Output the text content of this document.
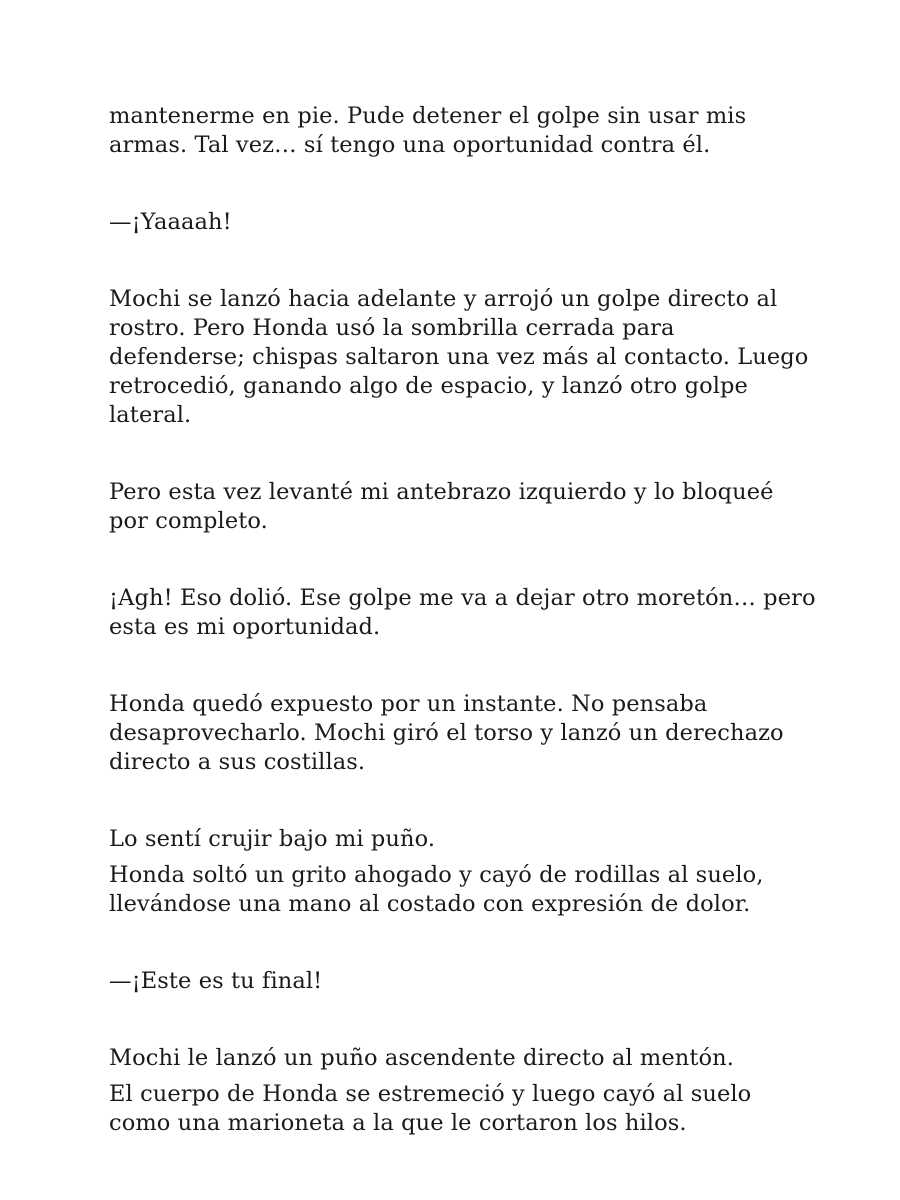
mantenerme en pie. Pude detener el golpe sin usar mis
armas. Tal vez… sí tengo una oportunidad contra él.

—¡Yaaaah!

Mochi se lanzó hacia adelante y arrojó un golpe directo al
rostro. Pero Honda usó la sombrilla cerrada para
defenderse; chispas saltaron una vez más al contacto. Luego
retrocedió, ganando algo de espacio, y lanzó otro golpe
lateral.

Pero esta vez levanté mi antebrazo izquierdo y lo bloqueé
por completo.

¡Agh! Eso dolió. Ese golpe me va a dejar otro moretón… pero
esta es mi oportunidad.

Honda quedó expuesto por un instante. No pensaba
desaprovecharlo. Mochi giró el torso y lanzó un derechazo
directo a sus costillas.

Lo sentí crujir bajo mi puño.

Honda soltó un grito ahogado y cayó de rodillas al suelo,
llevándose una mano al costado con expresión de dolor.

—¡Este es tu final!

Mochi le lanzó un puño ascendente directo al mentón.

El cuerpo de Honda se estremeció y luego cayó al suelo
como una marioneta a la que le cortaron los hilos.
